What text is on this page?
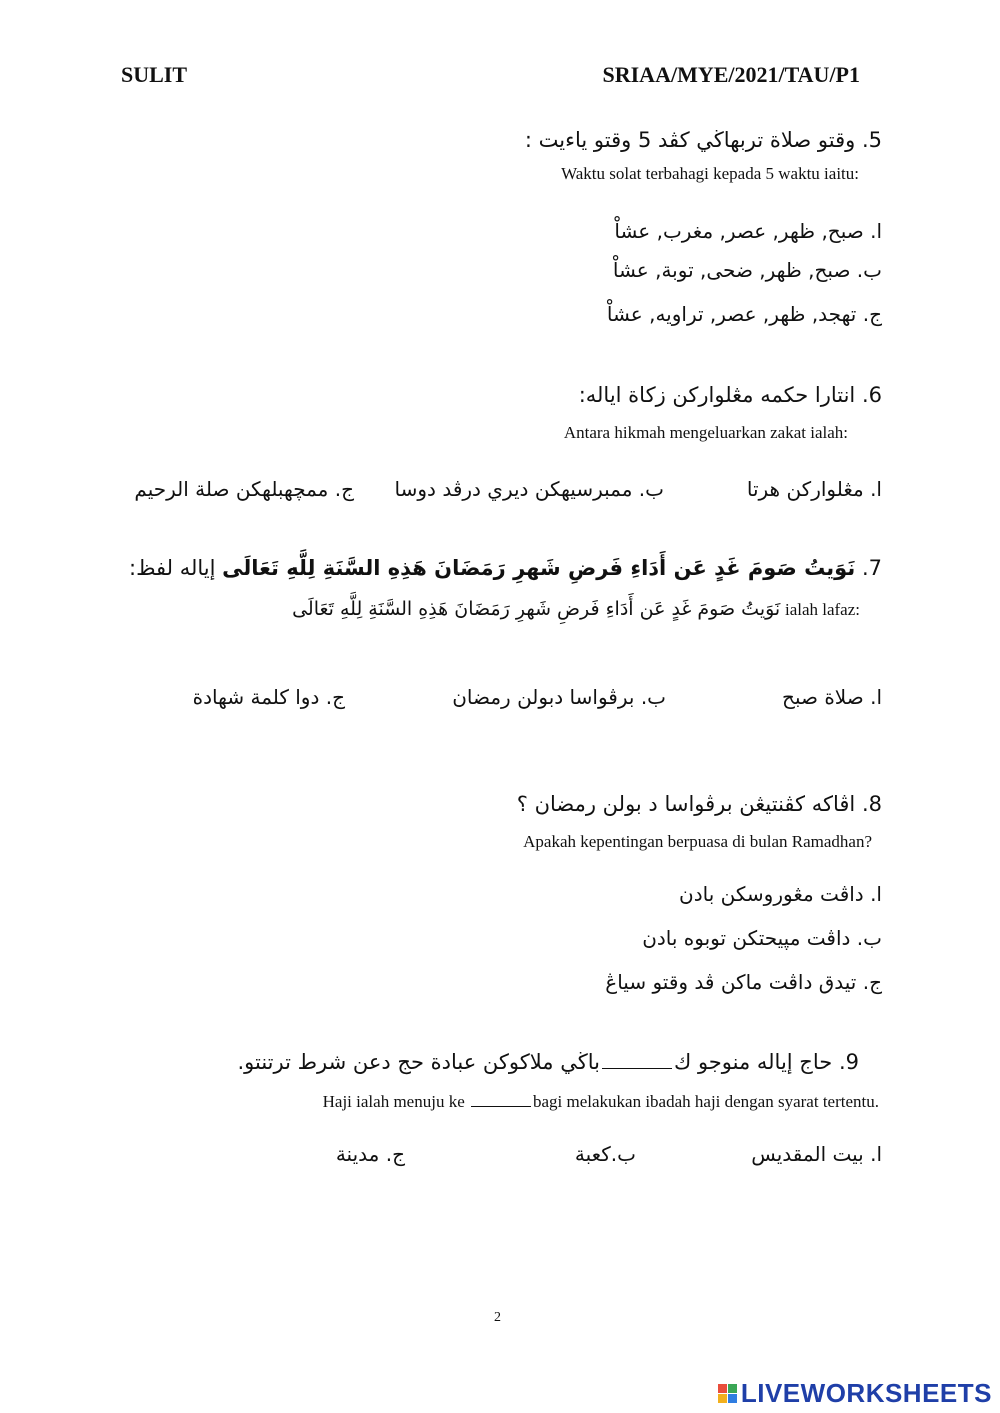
SULIT	SRIAA/MYE/2021/TAU/P1
5. وقتو صلاة تربهاڬي كڤد 5 وقتو ياءيت :
Waktu solat terbahagi kepada 5 waktu iaitu:
ا. صبح, ظهر, عصر, مغرب, عشاْ
ب. صبح, ظهر, ضحى, توبة, عشاْ
ج. تهجد, ظهر, عصر, تراويه, عشاْ
6. انتارا حكمه مڠلواركن زكاة اياله:
Antara hikmah mengeluarkan zakat ialah:
ا. مڠلواركن هرتا
ب. ممبرسيهكن ديري درڤد دوسا
ج. ممچهبلهكن صلة الرحيم
7. نَوَيتُ صَومَ غَدٍ عَن أَدَاءِ فَرضِ شَهرِ رَمَضَانَ هَذِهِ السَّنَةِ لِلَّهِ تَعَالَى إياله لفظ:
نَوَيتُ صَومَ غَدٍ عَن أَدَاءِ فَرضِ شَهرِ رَمَضَانَ هَذِهِ السَّنَةِ لِلَّهِ تَعَالَى ialah lafaz:
ا. صلاة صبح
ب. برڤواسا دبولن رمضان
ج. دوا كلمة شهادة
8. اڤاكه كڤنتيڠن برڤواسا د بولن رمضان ؟
Apakah kepentingan berpuasa di bulan Ramadhan?
ا. داڤت مڠوروسكن بادن
ب. داڤت مپيحتكن توبوه بادن
ج. تيدق داڤت ماكن ڤد وقتو سياڠ
9. حاج إياله منوجو كباڬي ملاكوكن عبادة حج دعن شرط ترتنتو.
Haji ialah menuju ke	bagi melakukan ibadah haji dengan syarat tertentu.
ا. بيت المقديس
ب.كعبة
ج. مدينة
2
LIVEWORKSHEETS
